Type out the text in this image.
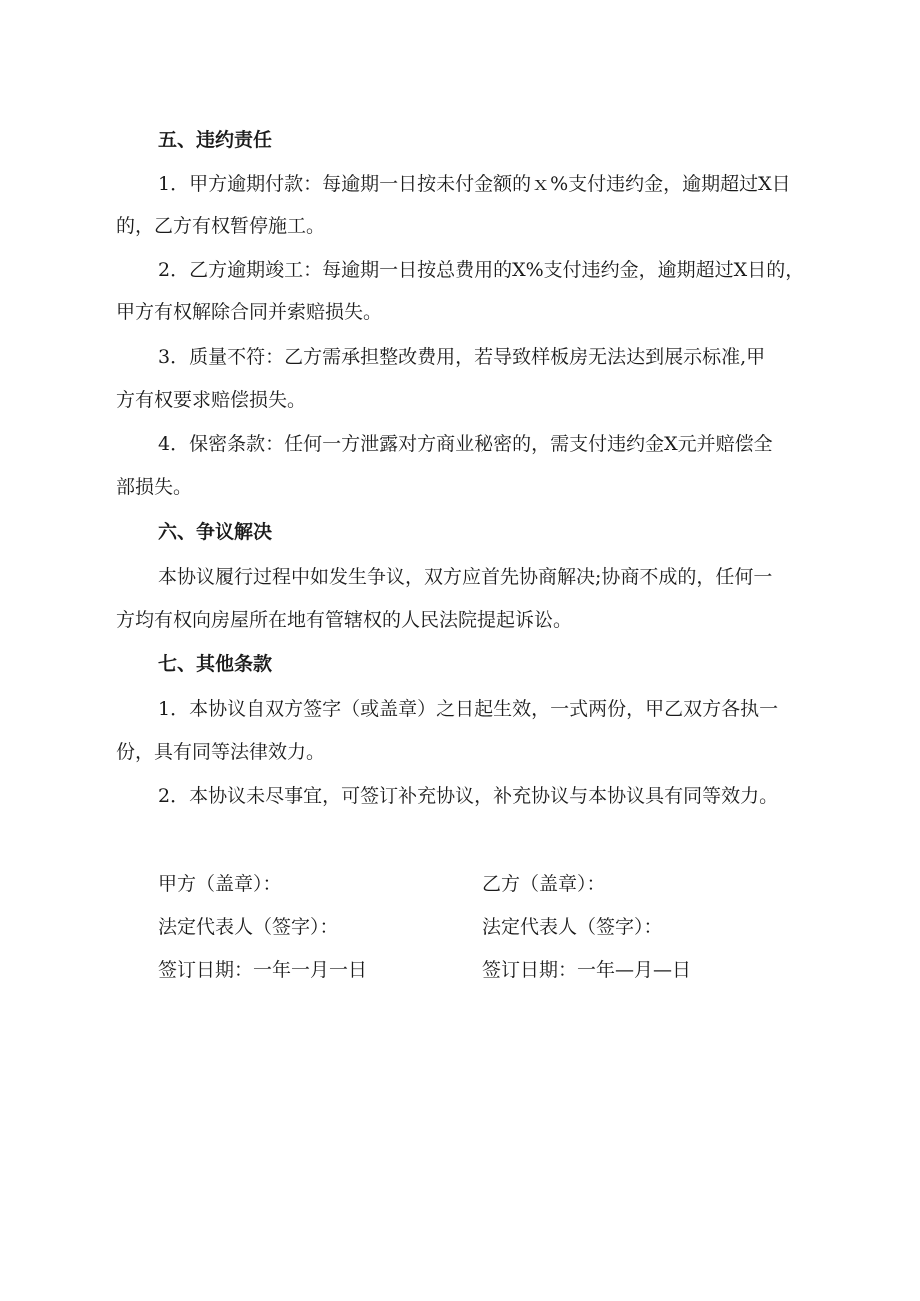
五、违约责任
1．甲方逾期付款：每逾期一日按未付金额的ｘ%支付违约金，逾期超过X日
的，乙方有权暂停施工。
2．乙方逾期竣工：每逾期一日按总费用的X%支付违约金，逾期超过X日的，
甲方有权解除合同并索赔损失。
3．质量不符：乙方需承担整改费用，若导致样板房无法达到展示标准,甲
方有权要求赔偿损失。
4．保密条款：任何一方泄露对方商业秘密的，需支付违约金X元并赔偿全
部损失。
六、争议解决
本协议履行过程中如发生争议，双方应首先协商解决;协商不成的，任何一
方均有权向房屋所在地有管辖权的人民法院提起诉讼。
七、其他条款
1．本协议自双方签字（或盖章）之日起生效，一式两份，甲乙双方各执一
份，具有同等法律效力。
2．本协议未尽事宜，可签订补充协议，补充协议与本协议具有同等效力。
甲方（盖章）：
法定代表人（签字）：
签订日期：一年一月一日
乙方（盖章）：
法定代表人（签字）：
签订日期：一年—月—日
